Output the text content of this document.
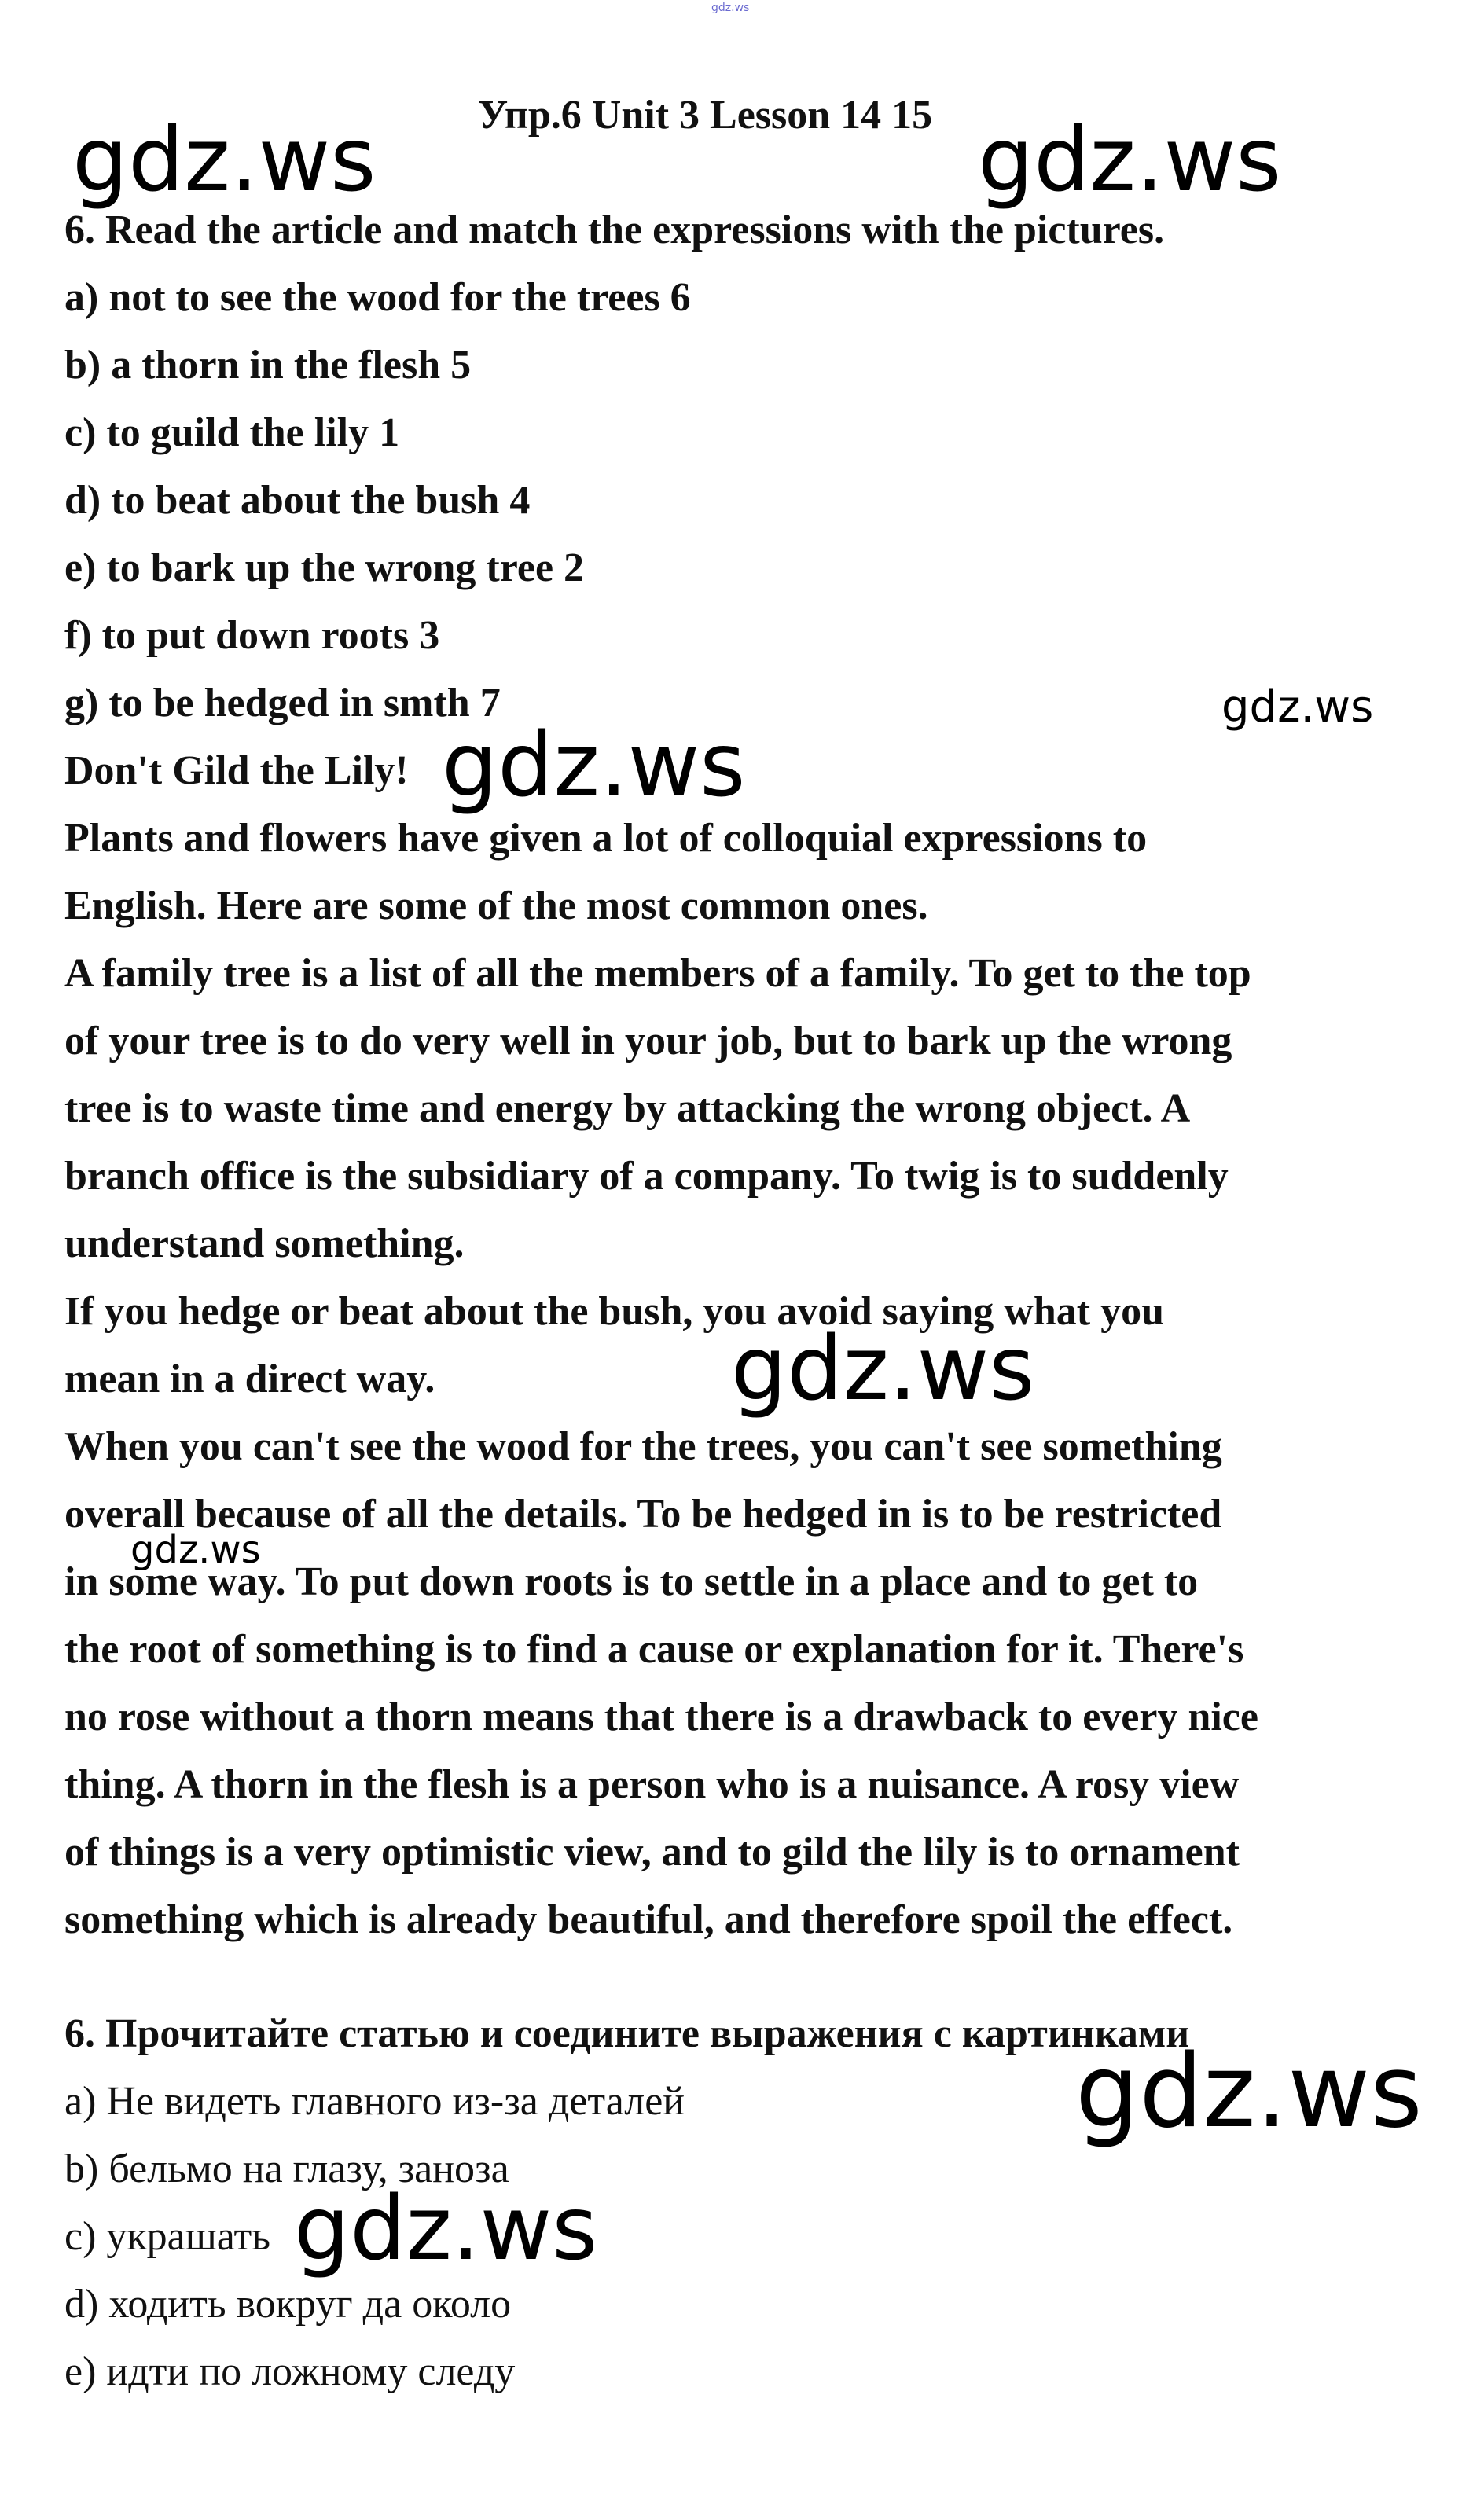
gdz.ws
Упр.6 Unit 3 Lesson 14 15
6. Read the article and match the expressions with the pictures.
a) not to see the wood for the trees 6
b) a thorn in the flesh 5
c) to guild the lily 1
d) to beat about the bush 4
e) to bark up the wrong tree 2
f) to put down roots 3
g) to be hedged in smth 7
Don't Gild the Lily!
Plants and flowers have given a lot of colloquial expressions to
English. Here are some of the most common ones.
A family tree is a list of all the members of a family. To get to the top
of your tree is to do very well in your job, but to bark up the wrong
tree is to waste time and energy by attacking the wrong object. A
branch office is the subsidiary of a company. To twig is to suddenly
understand something.
If you hedge or beat about the bush, you avoid saying what you
mean in a direct way.
When you can't see the wood for the trees, you can't see something
overall because of all the details. To be hedged in is to be restricted
in some way. To put down roots is to settle in a place and to get to
the root of something is to find a cause or explanation for it. There's
no rose without a thorn means that there is a drawback to every nice
thing. A thorn in the flesh is a person who is a nuisance. A rosy view
of things is a very optimistic view, and to gild the lily is to ornament
something which is already beautiful, and therefore spoil the effect.
6. Прочитайте статью и соедините выражения с картинками
a) Не видеть главного из-за деталей
b) бельмо на глазу, заноза
c) украшать
d) ходить вокруг да около
e) идти по ложному следу
gdz.ws	gdz.ws
gdz.ws
gdz.ws
gdz.ws
gdz.ws
gdz.ws
gdz.ws
